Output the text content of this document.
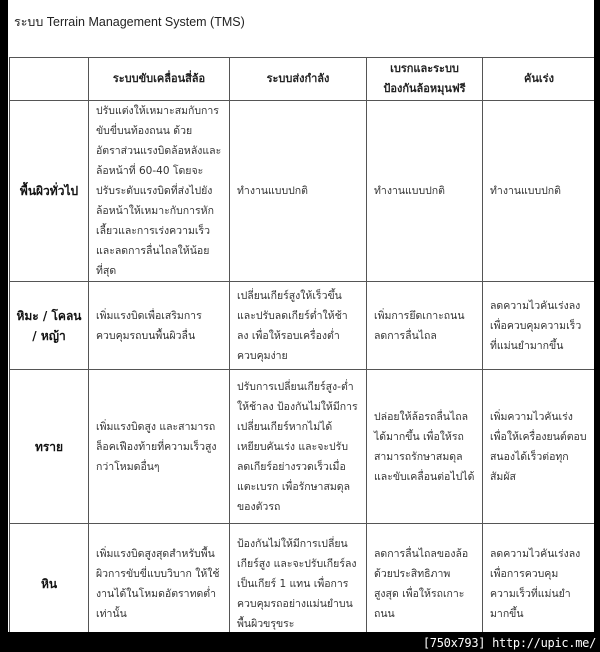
ระบบ Terrain Management System (TMS)
	ระบบขับเคลื่อนสี่ล้อ	ระบบส่งกำลัง	เบรกและระบบป้องกันล้อหมุนฟรี	คันเร่ง
พื้นผิวทั่วไป	ปรับแต่งให้เหมาะสมกับการขับขี่บนท้องถนน ด้วยอัตราส่วนแรงบิดล้อหลังและล้อหน้าที่ 60-40 โดยจะปรับระดับแรงบิดที่ส่งไปยังล้อหน้าให้เหมาะกับการหักเลี้ยวและการเร่งความเร็ว และลดการลื่นไถลให้น้อยที่สุด	ทำงานแบบปกติ	ทำงานแบบปกติ	ทำงานแบบปกติ
หิมะ / โคลน / หญ้า	เพิ่มแรงบิดเพื่อเสริมการควบคุมรถบนพื้นผิวลื่น	เปลี่ยนเกียร์สูงให้เร็วขึ้น และปรับลดเกียร์ต่ำให้ช้าลง เพื่อให้รอบเครื่องต่ำ ควบคุมง่าย	เพิ่มการยึดเกาะถนน ลดการลื่นไถล	ลดความไวคันเร่งลง เพื่อควบคุมความเร็วที่แม่นยำมากขึ้น
ทราย	เพิ่มแรงบิดสูง และสามารถล็อคเฟืองท้ายที่ความเร็วสูงกว่าโหมดอื่นๆ	ปรับการเปลี่ยนเกียร์สูง-ต่ำให้ช้าลง ป้องกันไม่ให้มีการเปลี่ยนเกียร์หากไม่ได้เหยียบคันเร่ง และจะปรับลดเกียร์อย่างรวดเร็วเมื่อแตะเบรก เพื่อรักษาสมดุลของตัวรถ	ปล่อยให้ล้อรถลื่นไถลได้มากขึ้น เพื่อให้รถสามารถรักษาสมดุลและขับเคลื่อนต่อไปได้	เพิ่มความไวคันเร่ง เพื่อให้เครื่องยนต์ตอบสนองได้เร็วต่อทุกสัมผัส
หิน	เพิ่มแรงบิดสูงสุดสำหรับพื้นผิวการขับขี่แบบวิบาก ให้ใช้งานได้ในโหมดอัตราทดต่ำเท่านั้น	ป้องกันไม่ให้มีการเปลี่ยนเกียร์สูง และจะปรับเกียร์ลงเป็นเกียร์ 1 แทน เพื่อการควบคุมรถอย่างแม่นยำบนพื้นผิวขรุขระ	ลดการลื่นไถลของล้อด้วยประสิทธิภาพสูงสุด เพื่อให้รถเกาะถนน	ลดความไวคันเร่งลง เพื่อการควบคุมความเร็วที่แม่นยำมากขึ้น
[750x793] http://upic.me/
